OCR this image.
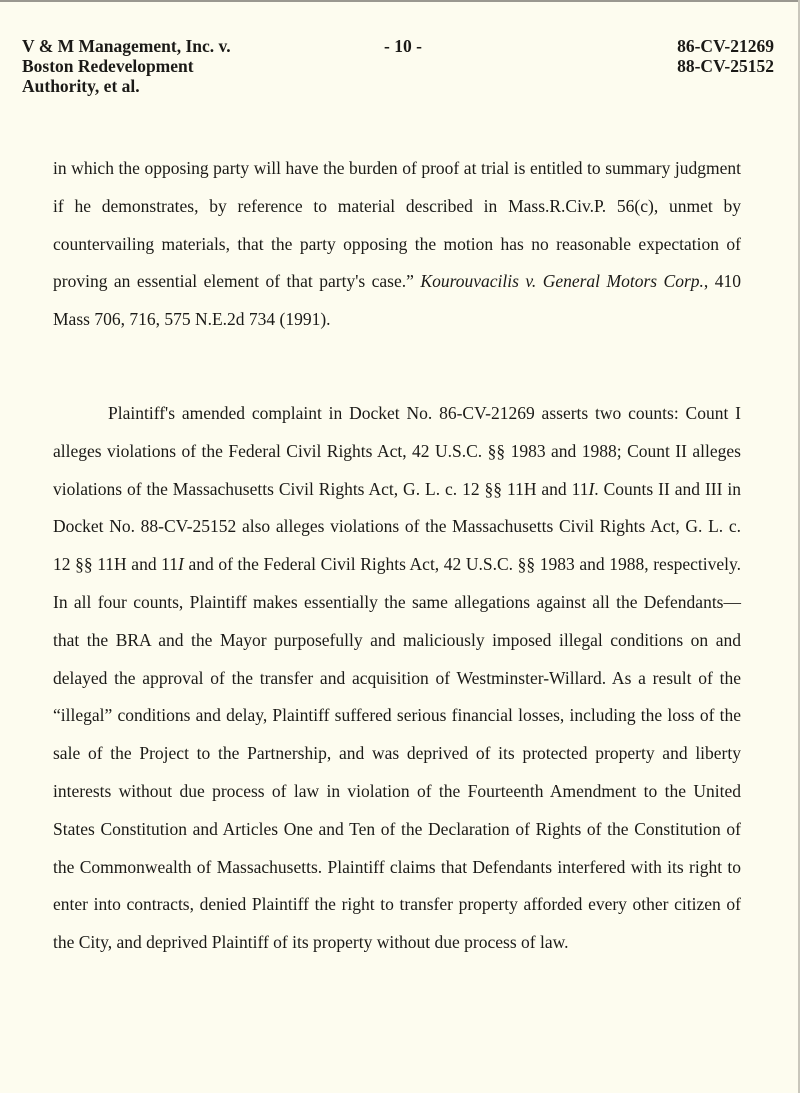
V & M Management, Inc. v.
Boston Redevelopment
Authority, et al.
- 10 -	86-CV-21269
88-CV-25152

in which the opposing party will have the burden of proof at trial is entitled to summary judgment if he demonstrates, by reference to material described in Mass.R.Civ.P. 56(c), unmet by countervailing materials, that the party opposing the motion has no reasonable expectation of proving an essential element of that party's case.” Kourouvacilis v. General Motors Corp., 410 Mass 706, 716, 575 N.E.2d 734 (1991).

Plaintiff's amended complaint in Docket No. 86-CV-21269 asserts two counts: Count I alleges violations of the Federal Civil Rights Act, 42 U.S.C. §§ 1983 and 1988; Count II alleges violations of the Massachusetts Civil Rights Act, G. L. c. 12 §§ 11H and 11I. Counts II and III in Docket No. 88-CV-25152 also alleges violations of the Massachusetts Civil Rights Act, G. L. c. 12 §§ 11H and 11I and of the Federal Civil Rights Act, 42 U.S.C. §§ 1983 and 1988, respectively. In all four counts, Plaintiff makes essentially the same allegations against all the Defendants—that the BRA and the Mayor purposefully and maliciously imposed illegal conditions on and delayed the approval of the transfer and acquisition of Westminster-Willard. As a result of the “illegal” conditions and delay, Plaintiff suffered serious financial losses, including the loss of the sale of the Project to the Partnership, and was deprived of its protected property and liberty interests without due process of law in violation of the Fourteenth Amendment to the United States Constitution and Articles One and Ten of the Declaration of Rights of the Constitution of the Commonwealth of Massachusetts. Plaintiff claims that Defendants interfered with its right to enter into contracts, denied Plaintiff the right to transfer property afforded every other citizen of the City, and deprived Plaintiff of its property without due process of law.
